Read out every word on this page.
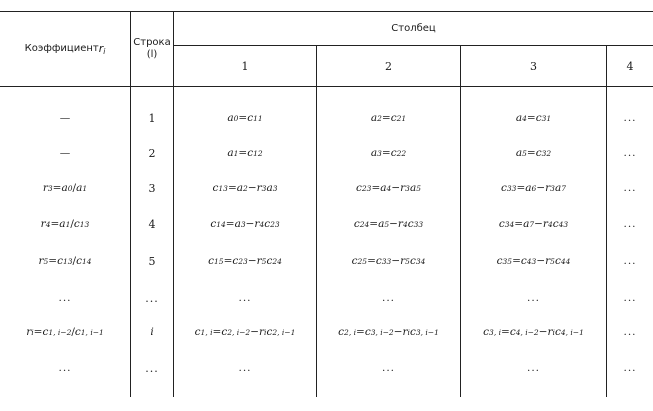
Коэффициент $r_i$
Строка
(l)
Столбец
1	2	3	4
—	1	a 0 = c 11	a 2 = c 21	a 4 = c 31	...
—	2	a 1 = c 12	a 3 = c 22	a 5 = c 32	...
r 3 = a 0 / a 1	3	c 13 = a 2 − r 3 a 3	c 23 = a 4 − r 3 a 5	c 33 = a 6 − r 3 a 7	...
r 4 = a 1 / c 13	4	c 14 = a 3 − r 4 c 23	c 24 = a 5 − r 4 c 33	c 34 = a 7 − r 4 c 43	...
r 5 = c 13 / c 14	5	c 15 = c 23 − r 5 c 24	c 25 = c 33 − r 5 c 34	c 35 = c 43 − r 5 c 44	...
...	...	...	...	...	...
r i = c 1, i−2 / c 1, i−1	i	c 1, i = c 2, i−2 − r i c 2, i−1	c 2, i = c 3, i−2 − r i c 3, i−1	c 3, i = c 4, i−2 − r i c 4, i−1	...
...	...	...	...	...	...
